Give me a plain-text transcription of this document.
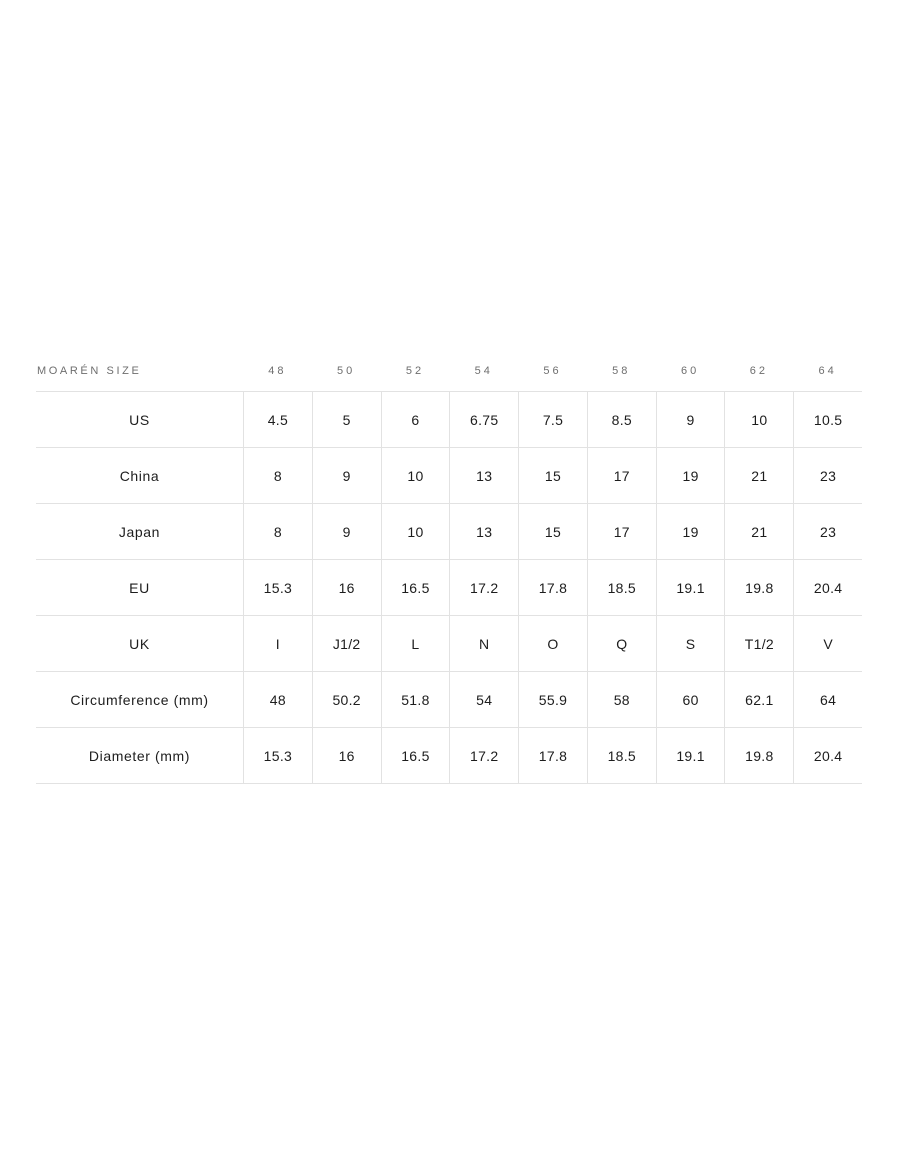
MOARÉN SIZE	48	50	52	54	56	58	60	62	64
US	4.5	5	6	6.75	7.5	8.5	9	10	10.5
China	8	9	10	13	15	17	19	21	23
Japan	8	9	10	13	15	17	19	21	23
EU	15.3	16	16.5	17.2	17.8	18.5	19.1	19.8	20.4
UK	I	J1/2	L	N	O	Q	S	T1/2	V
Circumference (mm)	48	50.2	51.8	54	55.9	58	60	62.1	64
Diameter (mm)	15.3	16	16.5	17.2	17.8	18.5	19.1	19.8	20.4
